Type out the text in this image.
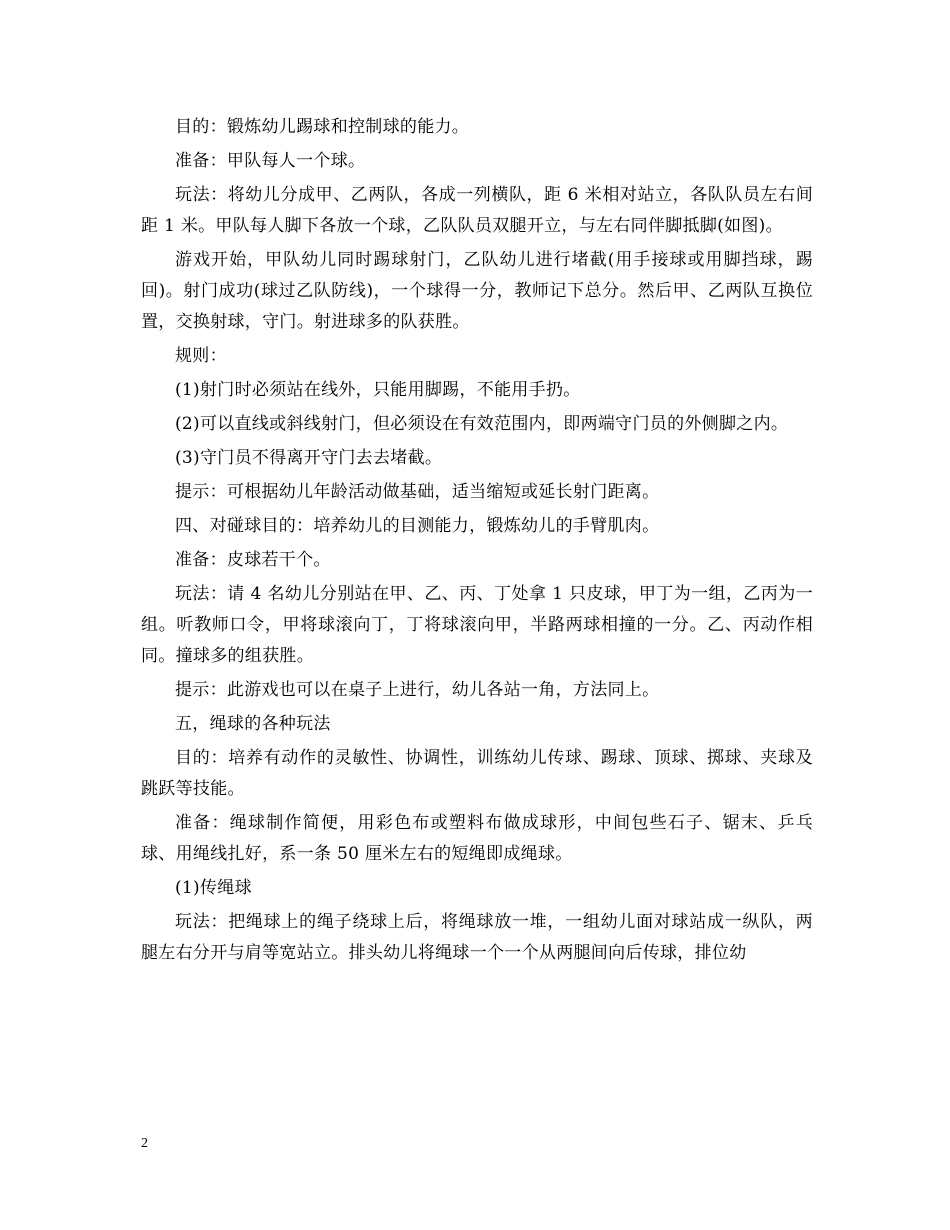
目的：锻炼幼儿踢球和控制球的能力。

准备：甲队每人一个球。

玩法：将幼儿分成甲、乙两队，各成一列横队，距 6 米相对站立，各队队员左右间距 1 米。甲队每人脚下各放一个球，乙队队员双腿开立，与左右同伴脚抵脚(如图)。

游戏开始，甲队幼儿同时踢球射门，乙队幼儿进行堵截(用手接球或用脚挡球，踢回)。射门成功(球过乙队防线)，一个球得一分，教师记下总分。然后甲、乙两队互换位置，交换射球，守门。射进球多的队获胜。

规则：

(1)射门时必须站在线外，只能用脚踢，不能用手扔。

(2)可以直线或斜线射门，但必须设在有效范围内，即两端守门员的外侧脚之内。

(3)守门员不得离开守门去去堵截。

提示：可根据幼儿年龄活动做基础，适当缩短或延长射门距离。

四、对碰球目的：培养幼儿的目测能力，锻炼幼儿的手臂肌肉。

准备：皮球若干个。

玩法：请 4 名幼儿分别站在甲、乙、丙、丁处拿 1 只皮球，甲丁为一组，乙丙为一组。听教师口令，甲将球滚向丁，丁将球滚向甲，半路两球相撞的一分。乙、丙动作相同。撞球多的组获胜。

提示：此游戏也可以在桌子上进行，幼儿各站一角，方法同上。

五，绳球的各种玩法

目的：培养有动作的灵敏性、协调性，训练幼儿传球、踢球、顶球、掷球、夹球及跳跃等技能。

准备：绳球制作简便，用彩色布或塑料布做成球形，中间包些石子、锯末、乒乓球、用绳线扎好，系一条 50 厘米左右的短绳即成绳球。

(1)传绳球

玩法：把绳球上的绳子绕球上后，将绳球放一堆，一组幼儿面对球站成一纵队，两腿左右分开与肩等宽站立。排头幼儿将绳球一个一个从两腿间向后传球，排位幼

2
